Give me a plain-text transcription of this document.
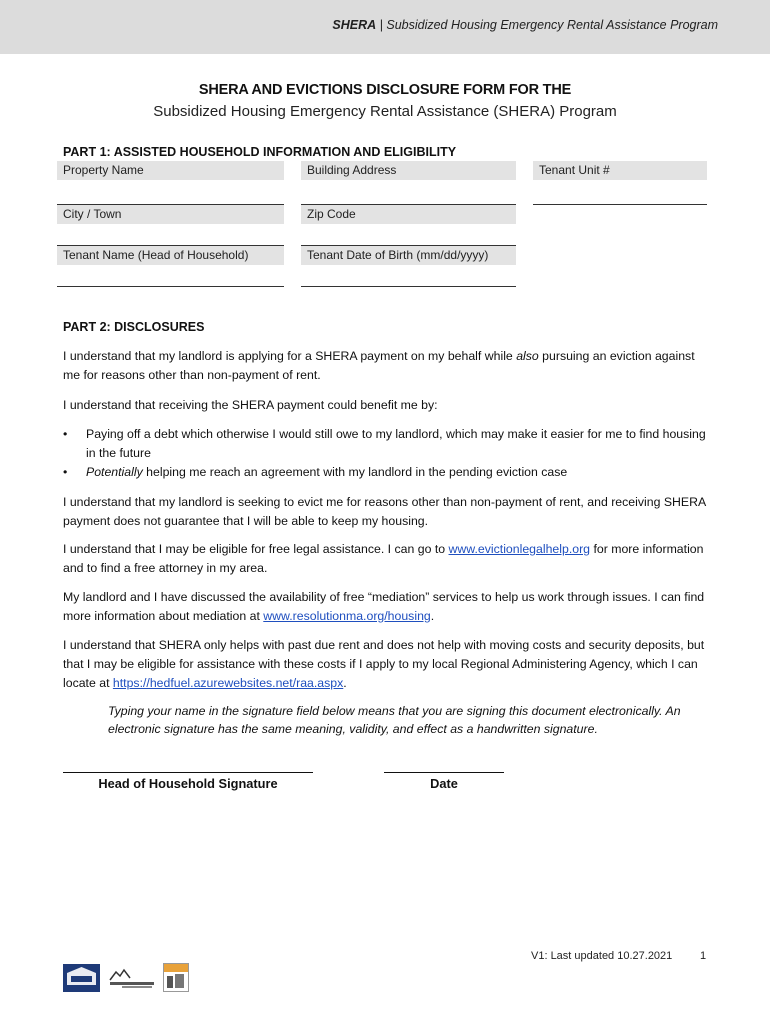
SHERA | Subsidized Housing Emergency Rental Assistance Program
SHERA AND EVICTIONS DISCLOSURE FORM FOR THE
Subsidized Housing Emergency Rental Assistance (SHERA) Program
PART 1: ASSISTED HOUSEHOLD INFORMATION AND ELIGIBILITY
Property Name	Building Address	Tenant Unit #
City / Town	Zip Code
Tenant Name (Head of Household)	Tenant Date of Birth (mm/dd/yyyy)
PART 2: DISCLOSURES
I understand that my landlord is applying for a SHERA payment on my behalf while also pursuing an eviction against me for reasons other than non-payment of rent.
I understand that receiving the SHERA payment could benefit me by:
•	Paying off a debt which otherwise I would still owe to my landlord, which may make it easier for me to find housing in the future
•	Potentially helping me reach an agreement with my landlord in the pending eviction case
I understand that my landlord is seeking to evict me for reasons other than non-payment of rent, and receiving SHERA payment does not guarantee that I will be able to keep my housing.
I understand that I may be eligible for free legal assistance. I can go to www.evictionlegalhelp.org for more information and to find a free attorney in my area.
My landlord and I have discussed the availability of free “mediation” services to help us work through issues. I can find more information about mediation at www.resolutionma.org/housing.
I understand that SHERA only helps with past due rent and does not help with moving costs and security deposits, but that I may be eligible for assistance with these costs if I apply to my local Regional Administering Agency, which I can locate at https://hedfuel.azurewebsites.net/raa.aspx.
Typing your name in the signature field below means that you are signing this document electronically. An electronic signature has the same meaning, validity, and effect as a handwritten signature.
Head of Household Signature	Date
V1: Last updated 10.27.2021	1
